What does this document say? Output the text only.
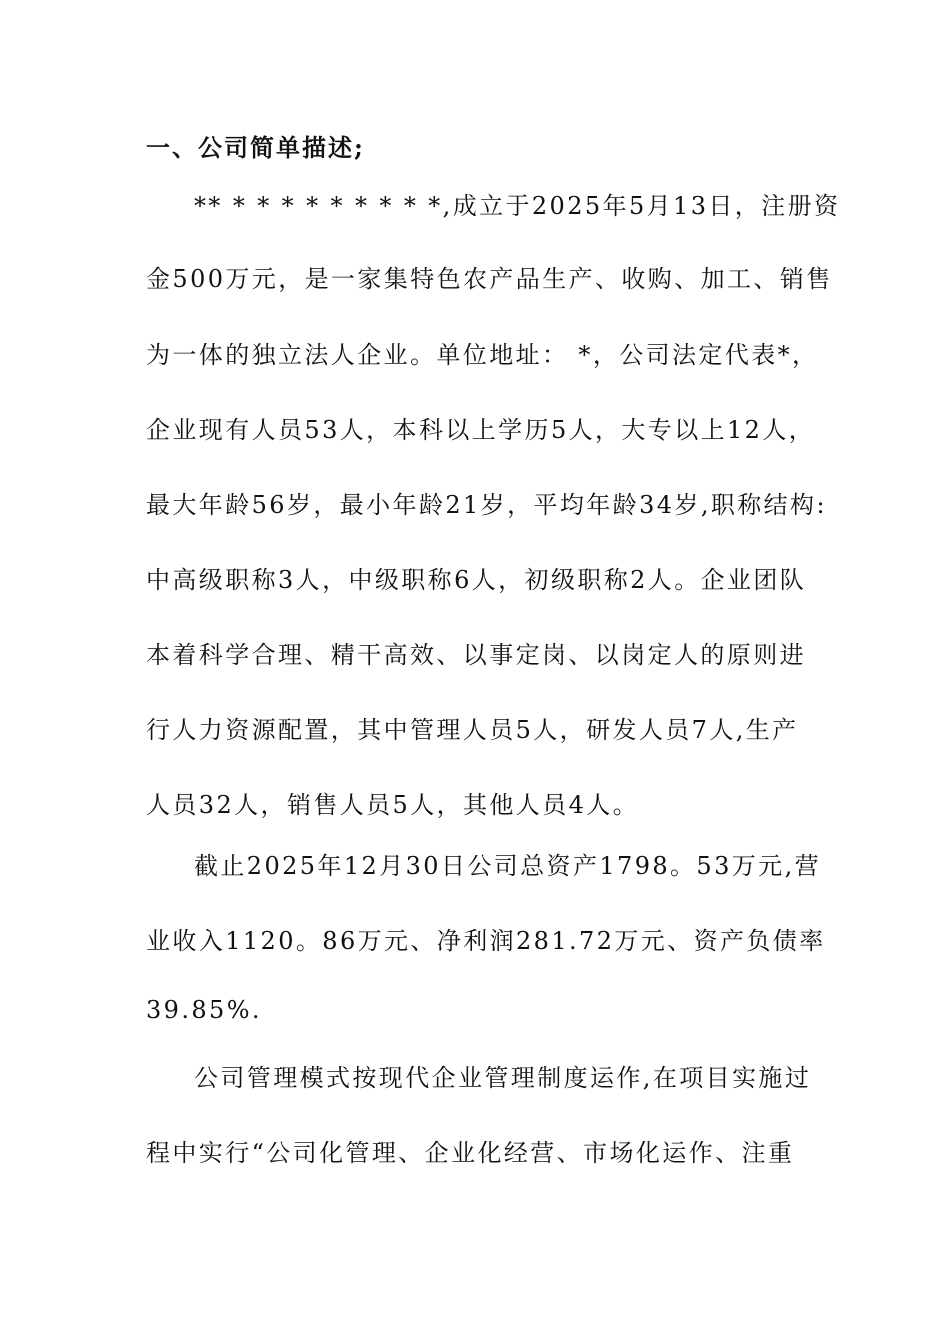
一、公司简单描述;
** * * * * * * * * *,成立于2025年5月13日，注册资
金500万元，是一家集特色农产品生产、收购、加工、销售
为一体的独立法人企业。单位地址： *，公司法定代表*，
企业现有人员53人，本科以上学历5人，大专以上12人，
最大年龄56岁，最小年龄21岁，平均年龄34岁,职称结构:
中高级职称3人，中级职称6人，初级职称2人。企业团队
本着科学合理、精干高效、以事定岗、以岗定人的原则进
行人力资源配置，其中管理人员5人，研发人员7人,生产
人员32人，销售人员5人，其他人员4人。
截止2025年12月30日公司总资产1798。53万元,营
业收入1120。86万元、净利润281.72万元、资产负债率
39.85%.
公司管理模式按现代企业管理制度运作,在项目实施过
程中实行“公司化管理、企业化经营、市场化运作、注重
